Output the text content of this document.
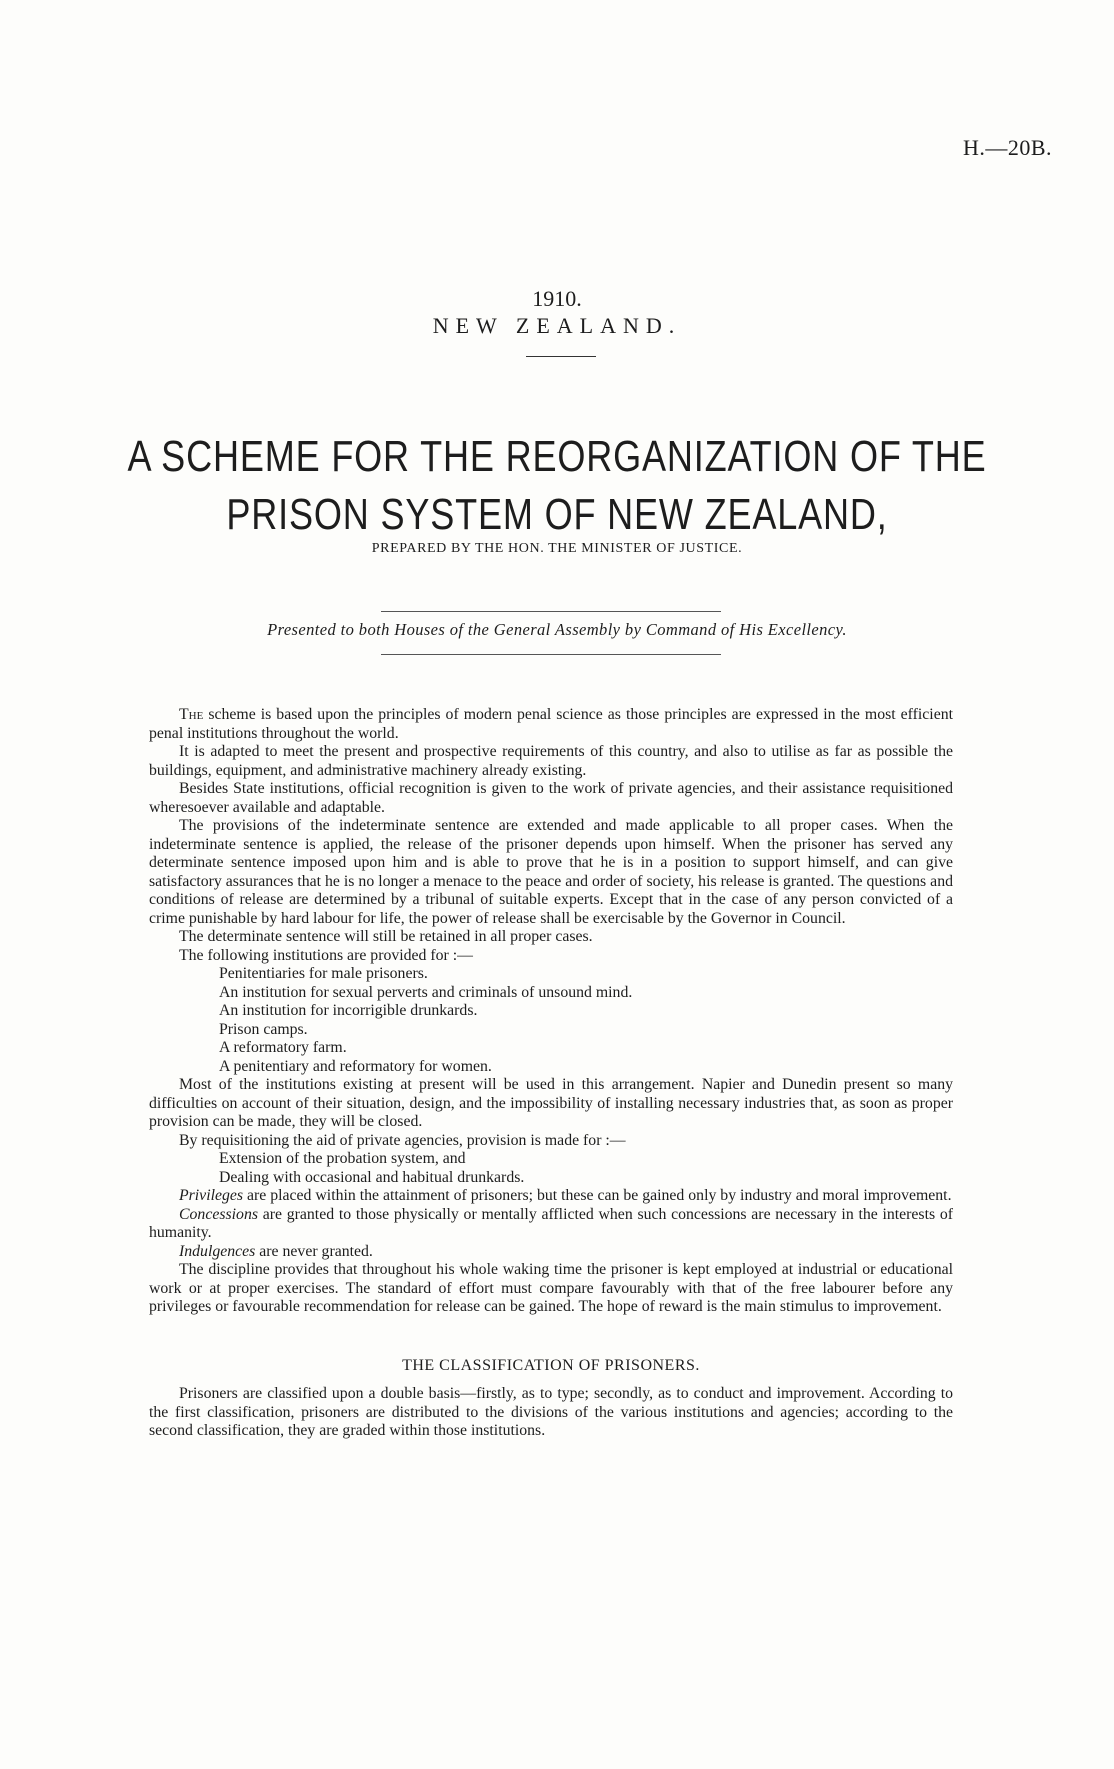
H.—20B.
1910.
NEW ZEALAND.
A SCHEME FOR THE REORGANIZATION OF THE
PRISON SYSTEM OF NEW ZEALAND,
PREPARED BY THE HON. THE MINISTER OF JUSTICE.
Presented to both Houses of the General Assembly by Command of His Excellency.

The scheme is based upon the principles of modern penal science as those principles are expressed in the most efficient penal institutions throughout the world.

It is adapted to meet the present and prospective requirements of this country, and also to utilise as far as possible the buildings, equipment, and administrative machinery already existing.

Besides State institutions, official recognition is given to the work of private agencies, and their assistance requisitioned wheresoever available and adaptable.

The provisions of the indeterminate sentence are extended and made applicable to all proper cases. When the indeterminate sentence is applied, the release of the prisoner depends upon himself. When the prisoner has served any determinate sentence imposed upon him and is able to prove that he is in a position to support himself, and can give satisfactory assurances that he is no longer a menace to the peace and order of society, his release is granted. The questions and conditions of release are determined by a tribunal of suitable experts. Except that in the case of any person convicted of a crime punishable by hard labour for life, the power of release shall be exercisable by the Governor in Council.

The determinate sentence will still be retained in all proper cases.

The following institutions are provided for :—

Penitentiaries for male prisoners.

An institution for sexual perverts and criminals of unsound mind.

An institution for incorrigible drunkards.

Prison camps.

A reformatory farm.

A penitentiary and reformatory for women.

Most of the institutions existing at present will be used in this arrangement. Napier and Dunedin present so many difficulties on account of their situation, design, and the impossibility of installing necessary industries that, as soon as proper provision can be made, they will be closed.

By requisitioning the aid of private agencies, provision is made for :—

Extension of the probation system, and

Dealing with occasional and habitual drunkards.

Privileges are placed within the attainment of prisoners; but these can be gained only by industry and moral improvement.

Concessions are granted to those physically or mentally afflicted when such concessions are necessary in the interests of humanity.

Indulgences are never granted.

The discipline provides that throughout his whole waking time the prisoner is kept employed at industrial or educational work or at proper exercises. The standard of effort must compare favourably with that of the free labourer before any privileges or favourable recommendation for release can be gained. The hope of reward is the main stimulus to improvement.

THE CLASSIFICATION OF PRISONERS.

Prisoners are classified upon a double basis—firstly, as to type; secondly, as to conduct and improvement. According to the first classification, prisoners are distributed to the divisions of the various institutions and agencies; according to the second classification, they are graded within those institutions.
